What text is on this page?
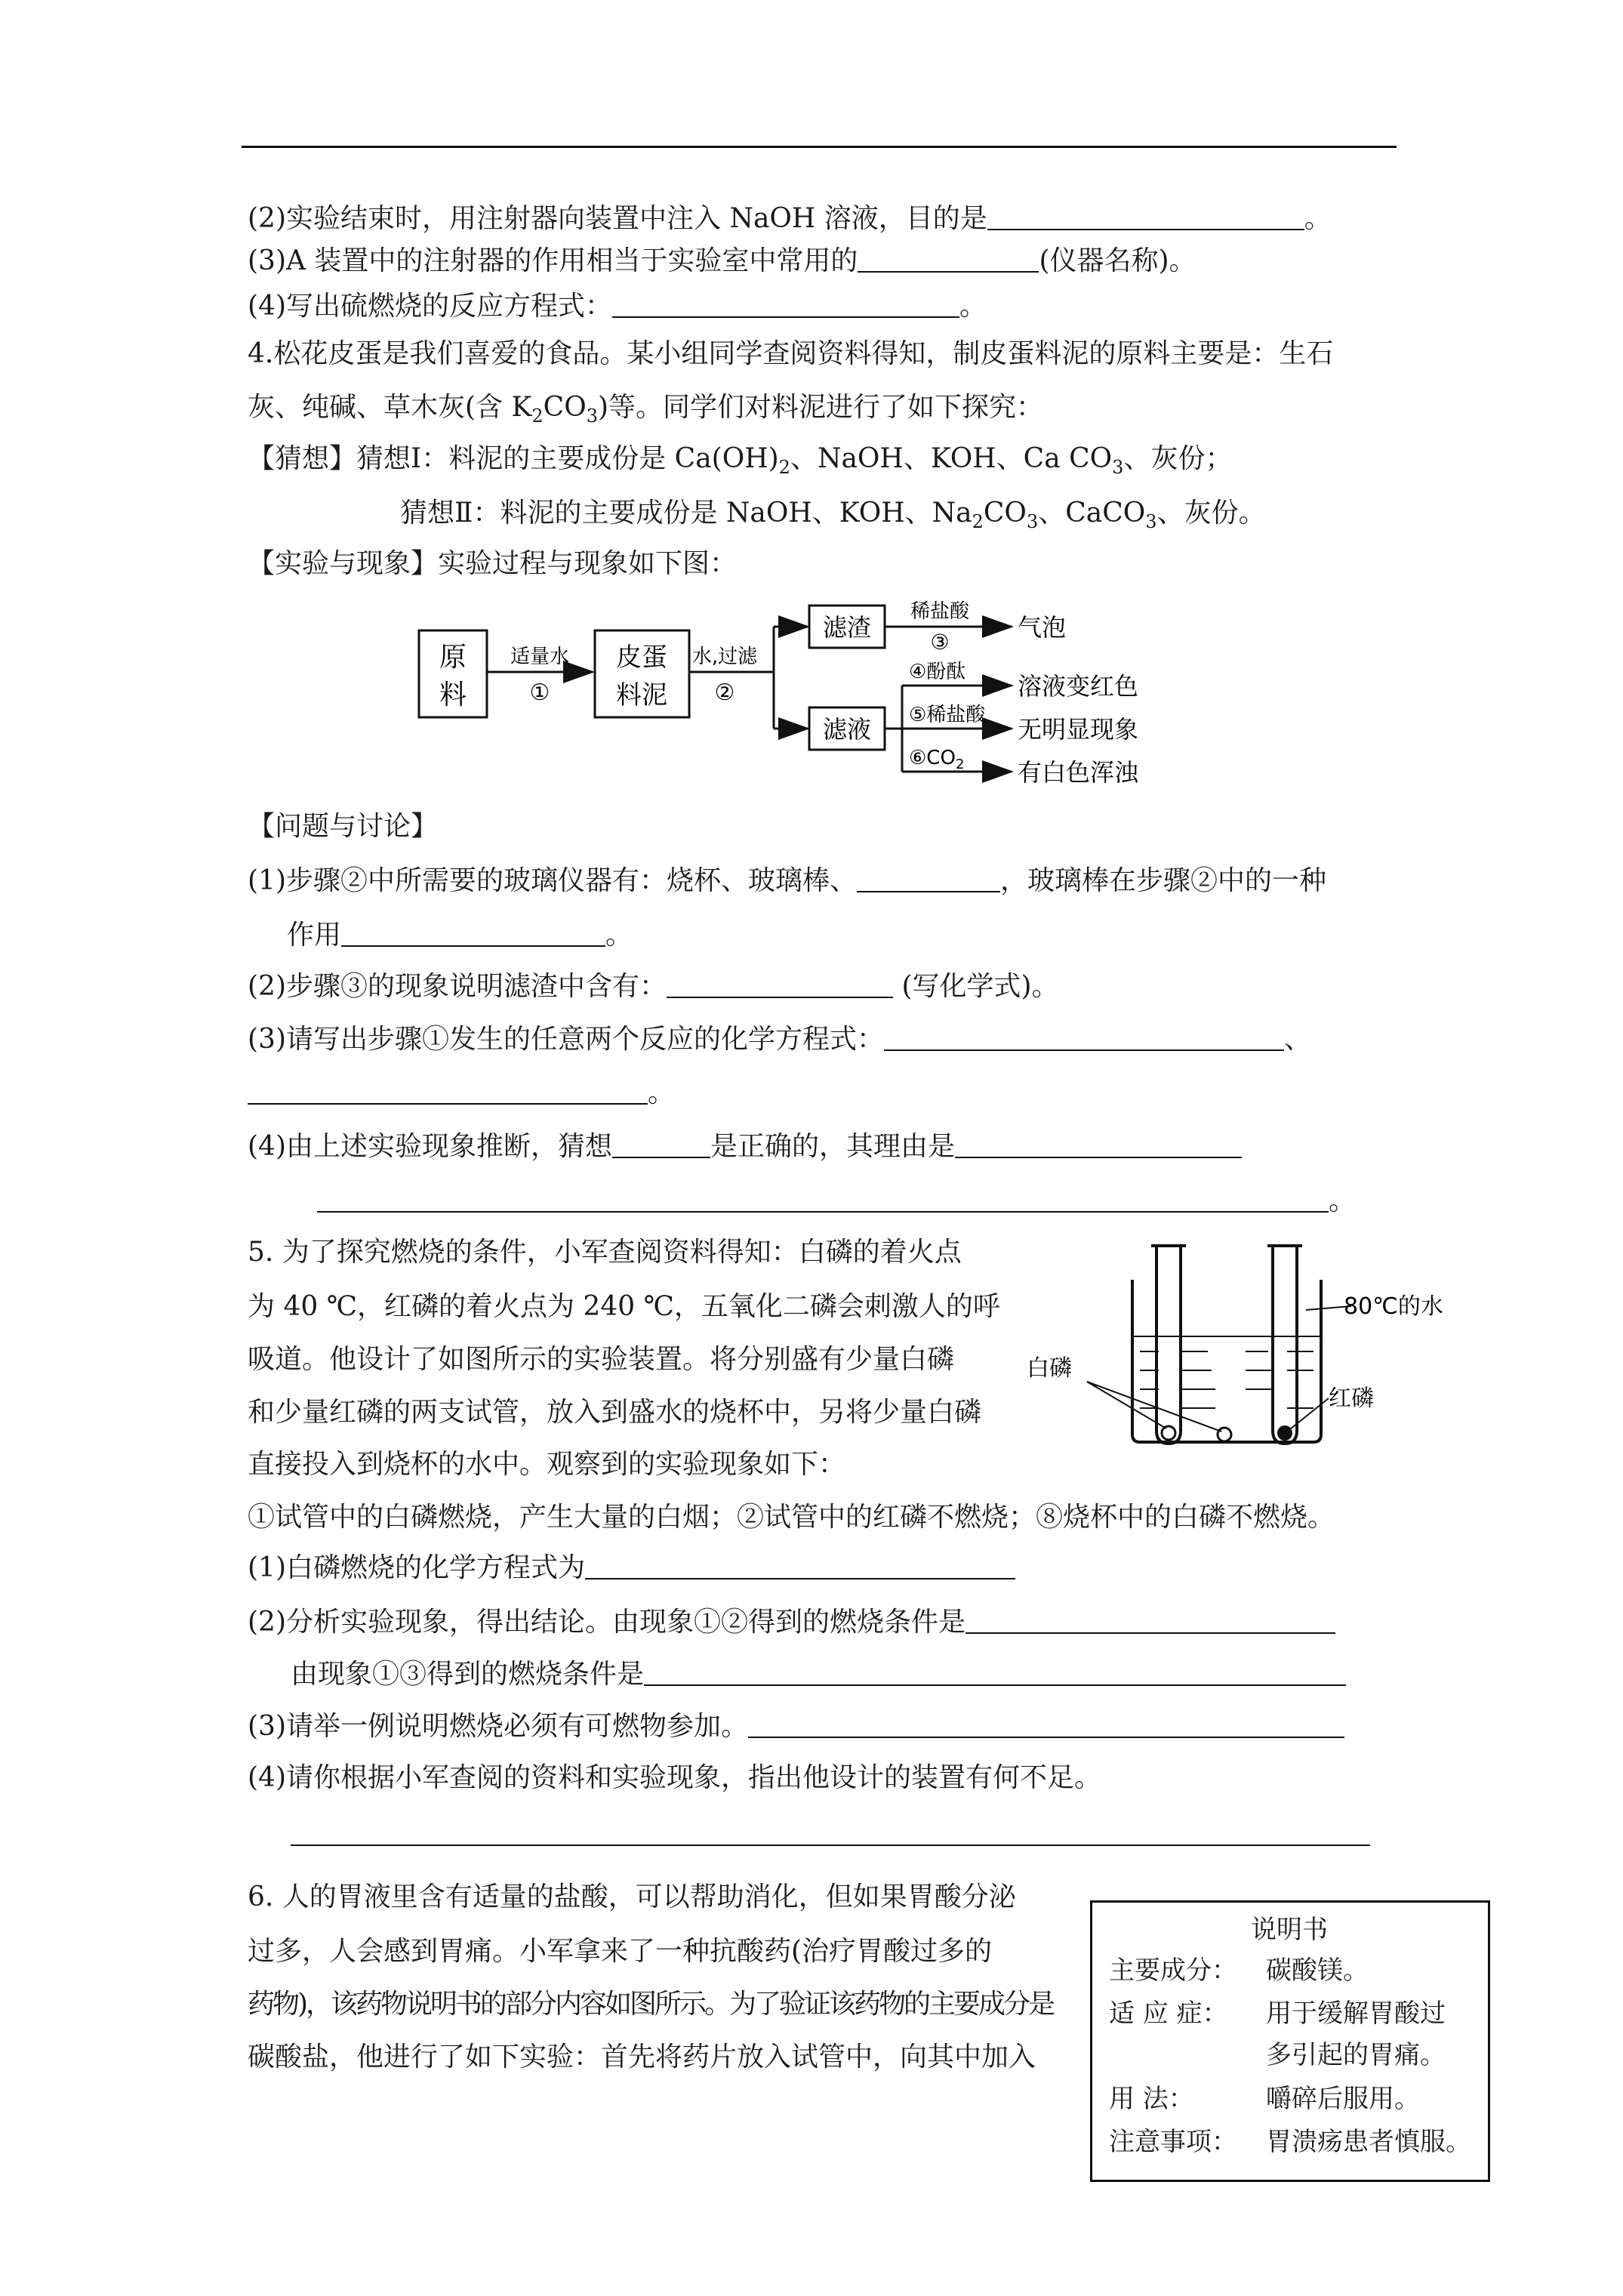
(2)实验结束时，用注射器向装置中注入 NaOH 溶液，目的是	。
(3)A 装置中的注射器的作用相当于实验室中常用的	(仪器名称)。
(4)写出硫燃烧的反应方程式：	。
4.松花皮蛋是我们喜爱的食品。某小组同学查阅资料得知，制皮蛋料泥的原料主要是：生石
灰、纯碱、草木灰(含 $K_2CO_3$)等。同学们对料泥进行了如下探究：
【猜想】猜想Ⅰ：料泥的主要成份是 $Ca(OH)_2$、NaOH、KOH、Ca $CO_3$、灰份；
猜想Ⅱ：料泥的主要成份是 NaOH、KOH、$Na_2CO_3$、CaCO$_3$、灰份。
【实验与现象】实验过程与现象如下图：
原
料
适量水
①
皮蛋
料泥
水,过滤
②
滤渣
稀盐酸
③
气泡
滤液
④酚酞
⑤稀盐酸
$⑥CO_2$
溶液变红色
无明显现象
有白色浑浊
【问题与讨论】
(1)步骤②中所需要的玻璃仪器有：烧杯、玻璃棒、	，玻璃棒在步骤②中的一种
作用	。
(2)步骤③的现象说明滤渣中含有：	(写化学式)。
(3)请写出步骤①发生的任意两个反应的化学方程式：	、
。
(4)由上述实验现象推断，猜想	是正确的，其理由是
。
5. 为了探究燃烧的条件，小军查阅资料得知：白磷的着火点
为 40 ℃，红磷的着火点为 240 ℃，五氧化二磷会刺激人的呼
吸道。他设计了如图所示的实验装置。将分别盛有少量白磷
和少量红磷的两支试管，放入到盛水的烧杯中，另将少量白磷
直接投入到烧杯的水中。观察到的实验现象如下：
80℃的水
白磷
红磷
①试管中的白磷燃烧，产生大量的白烟；②试管中的红磷不燃烧；⑧烧杯中的白磷不燃烧。
(1)白磷燃烧的化学方程式为
(2)分析实验现象，得出结论。由现象①②得到的燃烧条件是
由现象①③得到的燃烧条件是
(3)请举一例说明燃烧必须有可燃物参加。
(4)请你根据小军查阅的资料和实验现象，指出他设计的装置有何不足。
6. 人的胃液里含有适量的盐酸，可以帮助消化，但如果胃酸分泌
过多，人会感到胃痛。小军拿来了一种抗酸药(治疗胃酸过多的
药物)，该药物说明书的部分内容如图所示。为了验证该药物的主要成分是
碳酸盐，他进行了如下实验：首先将药片放入试管中，向其中加入
说明书
主要成分： 碳酸镁。
适 应 症： 用于缓解胃酸过
多引起的胃痛。
用 法：	嚼碎后服用。
注意事项： 胃溃疡患者慎服。
